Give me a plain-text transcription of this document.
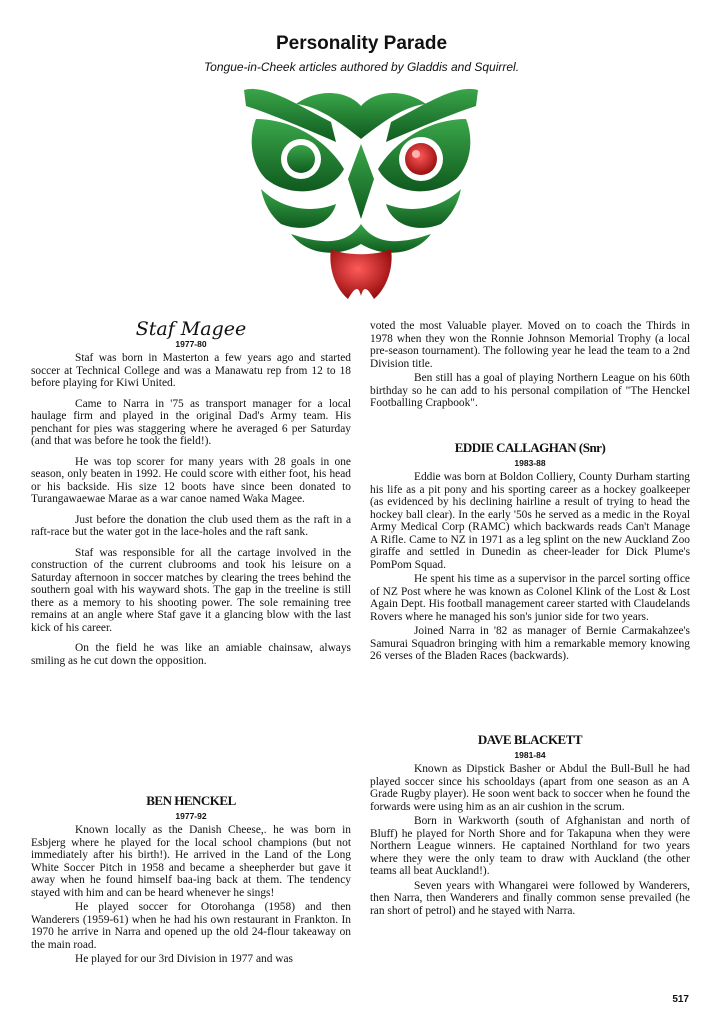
Personality Parade
Tongue-in-Cheek articles authored by Gladdis and Squirrel.
Staf Magee
1977-80

Staf was born in Masterton a few years ago and started soccer at Technical College and was a Manawatu rep from 12 to 18 before playing for Kiwi United.

Came to Narra in '75 as transport manager for a local haulage firm and played in the original Dad's Army team. His penchant for pies was staggering where he averaged 6 per Saturday (and that was before he took the field!).

He was top scorer for many years with 28 goals in one season, only beaten in 1992. He could score with either foot, his head or his backside. His size 12 boots have since been donated to Turangawaewae Marae as a war canoe named Waka Magee.

Just before the donation the club used them as the raft in a raft-race but the water got in the lace-holes and the raft sank.

Staf was responsible for all the cartage involved in the construction of the current clubrooms and took his leisure on a Saturday afternoon in soccer matches by clearing the trees behind the southern goal with his wayward shots. The gap in the treeline is still there as a memory to his shooting power. The sole remaining tree remains at an angle where Staf gave it a glancing blow with the last kick of his career.

On the field he was like an amiable chainsaw, always smiling as he cut down the opposition.

BEN HENCKEL
1977-92

Known locally as the Danish Cheese,. he was born in Esbjerg where he played for the local school champions (but not immediately after his birth!). He arrived in the Land of the Long White Soccer Pitch in 1958 and became a sheepherder but gave it away when he found himself baa-ing back at them. The tendency stayed with him and can be heard whenever he sings!

He played soccer for Otorohanga (1958) and then Wanderers (1959-61) when he had his own restaurant in Frankton. In 1970 he arrive in Narra and opened up the old 24-flour takeaway on the main road.

He played for our 3rd Division in 1977 and was

voted the most Valuable player. Moved on to coach the Thirds in 1978 when they won the Ronnie Johnson Memorial Trophy (a local pre-season tournament). The following year he lead the team to a 2nd Division title.

Ben still has a goal of playing Northern League on his 60th birthday so he can add to his personal compilation of "The Henckel Footballing Crapbook".

EDDIE CALLAGHAN (Snr)
1983-88

Eddie was born at Boldon Colliery, County Durham starting his life as a pit pony and his sporting career as a hockey goalkeeper (as evidenced by his declining hairline a result of trying to head the hockey ball clear). In the early '50s he served as a medic in the Royal Army Medical Corp (RAMC) which backwards reads Can't Manage A Rifle. Came to NZ in 1971 as a leg splint on the new Auckland Zoo giraffe and settled in Dunedin as cheer-leader for Dick Plume's PomPom Squad.

He spent his time as a supervisor in the parcel sorting office of NZ Post where he was known as Colonel Klink of the Lost & Lost Again Dept. His football management career started with Claudelands Rovers where he managed his son's junior side for two years.

Joined Narra in '82 as manager of Bernie Carmakahzee's Samurai Squadron bringing with him a remarkable memory knowing 26 verses of the Bladen Races (backwards).

DAVE BLACKETT
1981-84

Known as Dipstick Basher or Abdul the Bull-Bull he had played soccer since his schooldays (apart from one season as an A Grade Rugby player). He soon went back to soccer when he found the forwards were using him as an air cushion in the scrum.

Born in Warkworth (south of Afghanistan and north of Bluff) he played for North Shore and for Takapuna when they were Northern League winners. He captained Northland for two years where they were the only team to draw with Auckland (the other teams all beat Auckland!).

Seven years with Whangarei were followed by Wanderers, then Narra, then Wanderers and finally common sense prevailed (he ran short of petrol) and he stayed with Narra.

517
